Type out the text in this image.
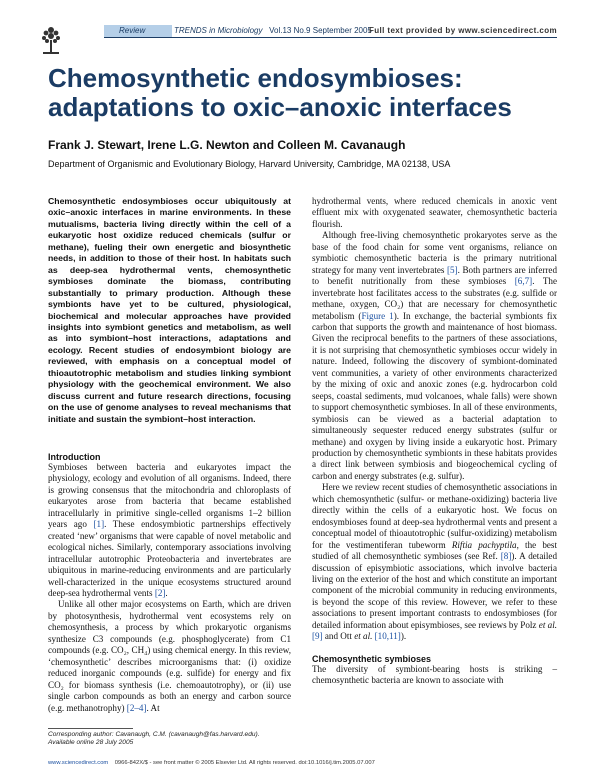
Review	TRENDS in Microbiology Vol.13 No.9 September 2005
Full text provided by www.sciencedirect.com
Chemosynthetic endosymbioses:
adaptations to oxic–anoxic interfaces
Frank J. Stewart, Irene L.G. Newton and Colleen M. Cavanaugh
Department of Organismic and Evolutionary Biology, Harvard University, Cambridge, MA 02138, USA
Chemosynthetic endosymbioses occur ubiquitously at oxic–anoxic interfaces in marine environments. In these mutualisms, bacteria living directly within the cell of a eukaryotic host oxidize reduced chemicals (sulfur or methane), fueling their own energetic and biosynthetic needs, in addition to those of their host. In habitats such as deep-sea hydrothermal vents, chemosynthetic symbioses dominate the biomass, contributing substantially to primary production. Although these symbionts have yet to be cultured, physiological, biochemical and molecular approaches have provided insights into symbiont genetics and metabolism, as well as into symbiont–host interactions, adaptations and ecology. Recent studies of endosymbiont biology are reviewed, with emphasis on a conceptual model of thioautotrophic metabolism and studies linking symbiont physiology with the geochemical environment. We also discuss current and future research directions, focusing on the use of genome analyses to reveal mechanisms that initiate and sustain the symbiont–host interaction.

Introduction

Symbioses between bacteria and eukaryotes impact the physiology, ecology and evolution of all organisms. Indeed, there is growing consensus that the mitochondria and chloroplasts of eukaryotes arose from bacteria that became established intracellularly in primitive single-celled organisms 1–2 billion years ago [1]. These endosymbiotic partnerships effectively created ‘new’ organisms that were capable of novel metabolic and ecological niches. Similarly, contemporary associations involving intracellular autotrophic Proteobacteria and invertebrates are ubiquitous in marine-reducing environments and are particularly well-characterized in the unique ecosystems structured around deep-sea hydrothermal vents [2].

Unlike all other major ecosystems on Earth, which are driven by photosynthesis, hydrothermal vent ecosystems rely on chemosynthesis, a process by which prokaryotic organisms synthesize C3 compounds (e.g. phosphoglycerate) from C1 compounds (e.g. CO₂, CH₄) using chemical energy. In this review, ‘chemosynthetic’ describes microorganisms that: (i) oxidize reduced inorganic compounds (e.g. sulfide) for energy and fix CO₂ for biomass synthesis (i.e. chemoautotrophy), or (ii) use single carbon compounds as both an energy and carbon source (e.g. methanotrophy) [2–4]. At

hydrothermal vents, where reduced chemicals in anoxic vent effluent mix with oxygenated seawater, chemosynthetic bacteria flourish.

Although free-living chemosynthetic prokaryotes serve as the base of the food chain for some vent organisms, reliance on symbiotic chemosynthetic bacteria is the primary nutritional strategy for many vent invertebrates [5]. Both partners are inferred to benefit nutritionally from these symbioses [6,7]. The invertebrate host facilitates access to the substrates (e.g. sulfide or methane, oxygen, CO₂) that are necessary for chemosynthetic metabolism (Figure 1). In exchange, the bacterial symbionts fix carbon that supports the growth and maintenance of host biomass. Given the reciprocal benefits to the partners of these associations, it is not surprising that chemosynthetic symbioses occur widely in nature. Indeed, following the discovery of symbiont-dominated vent communities, a variety of other environments characterized by the mixing of oxic and anoxic zones (e.g. hydrocarbon cold seeps, coastal sediments, mud volcanoes, whale falls) were shown to support chemosynthetic symbioses. In all of these environments, symbiosis can be viewed as a bacterial adaptation to simultaneously sequester reduced energy substrates (sulfur or methane) and oxygen by living inside a eukaryotic host. Primary production by chemosynthetic symbionts in these habitats provides a direct link between symbiosis and biogeochemical cycling of carbon and energy substrates (e.g. sulfur).

Here we review recent studies of chemosynthetic associations in which chemosynthetic (sulfur- or methane-oxidizing) bacteria live directly within the cells of a eukaryotic host. We focus on endosymbioses found at deep-sea hydrothermal vents and present a conceptual model of thioautotrophic (sulfur-oxidizing) metabolism for the vestimentiferan tubeworm Riftia pachyptila, the best studied of all chemosynthetic symbioses (see Ref. [8]). A detailed discussion of episymbiotic associations, which involve bacteria living on the exterior of the host and which constitute an important component of the microbial community in reducing environments, is beyond the scope of this review. However, we refer to these associations to present important contrasts to endosymbioses (for detailed information about episymbioses, see reviews by Polz et al. [9] and Ott et al. [10,11]).

Chemosynthetic symbioses

The diversity of symbiont-bearing hosts is striking – chemosynthetic bacteria are known to associate with

Corresponding author: Cavanaugh, C.M. (cavanaugh@fas.harvard.edu).
Available online 28 July 2005
www.sciencedirect.com 0966-842X/$ - see front matter © 2005 Elsevier Ltd. All rights reserved. doi:10.1016/j.tim.2005.07.007
